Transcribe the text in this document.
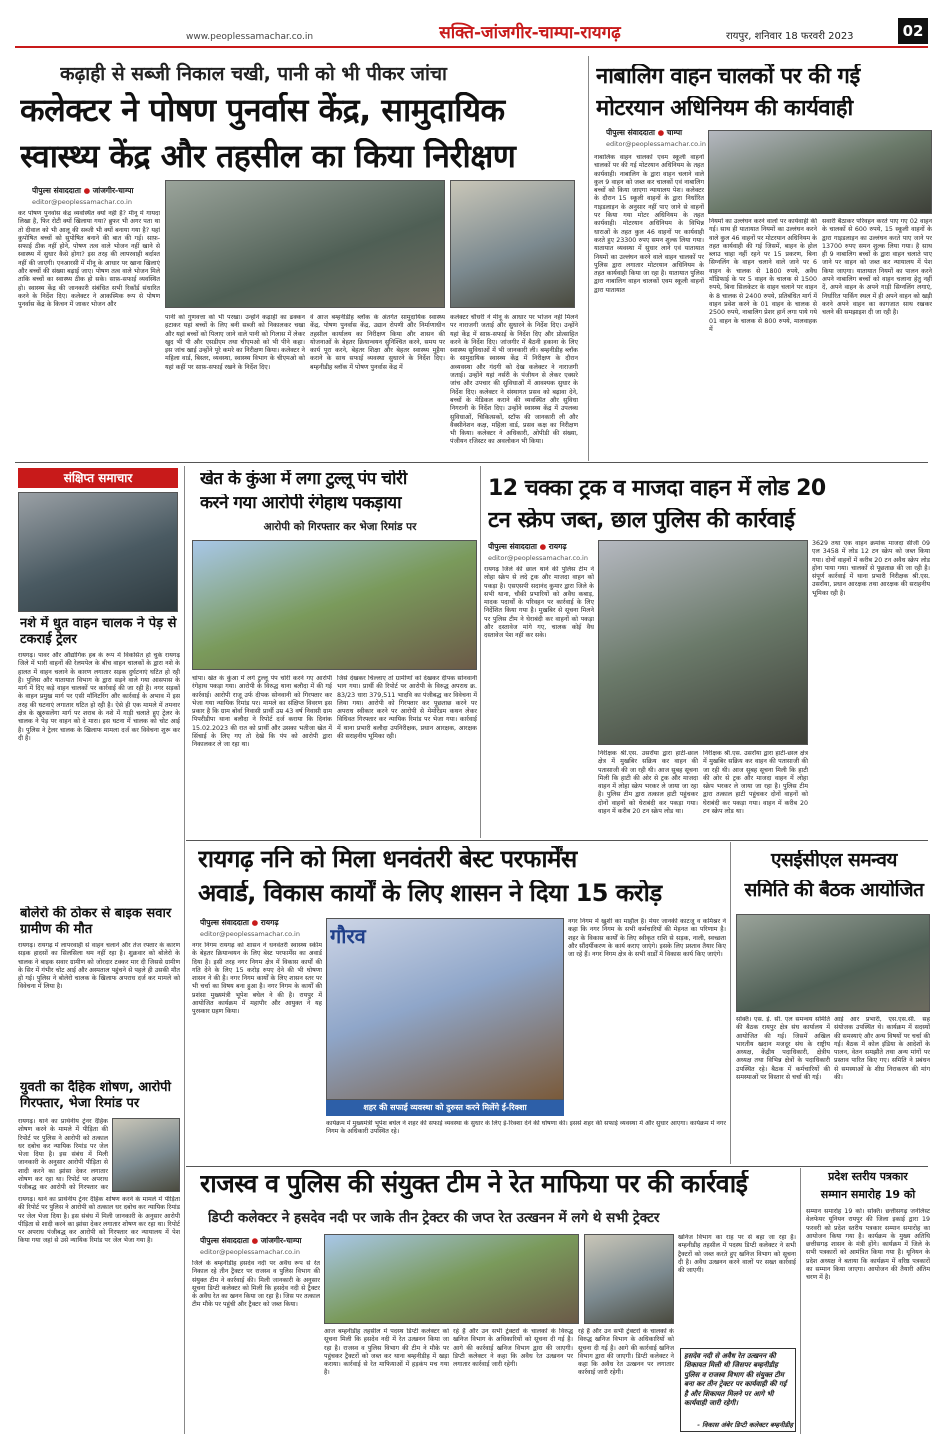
www.peoplessamachar.co.in	सक्ति-जांजगीर-चाम्पा-रायगढ़	रायपुर, शनिवार 18 फरवरी 2023	02
कढ़ाही से सब्जी निकाल चखी, पानी को भी पीकर जांचा
कलेक्टर ने पोषण पुनर्वास केंद्र, सामुदायिक
स्वास्थ्य केंद्र और तहसील का किया निरीक्षण
पीपुल्स संवाददाता ● जांजगीर-चाम्पा
editor@peoplessamachar.co.in
कर पोषण पुनर्वास केंद्र व्यवस्थित क्यों नहीं है? मीनू में गायदा लिखा है, फिर रोटी क्यों खिलाया गया? ब्रुफर भी अगर पता था तो दीवाल को भी आलू की सब्जी भी क्यों बनाया गया है? यहां कुपोषित बच्चों को सुपोषित बनाने की बात की गई। साफ़-सफाई ठीक नहीं होने, पोषण तत्व वाले भोजन नहीं खाने से स्वास्थ्य में सुधार कैसे होगा? इस तरह की लापरवाही बर्दाश्त नहीं की जाएगी। एनआरसी में मीनू के आधार पर खाना खिलाएं और बच्चों की संख्या बढ़ाई जाए। पोषण तत्व वाले भोजन मिले ताकि बच्चों का स्वास्थ्य ठीक हो सके। साफ़-सफाई व्यवस्थित हो। स्वास्थ्य केंद्र की जानकारी संबंधित सभी रिकॉर्ड संधारित करने के निर्देश दिए। कलेक्टर ने आकस्मिक रूप से पोषण पुनर्वास केंद्र के किचन में जाकर भोजन और
पानी को गुणवत्ता को भी परखा। उन्होंने कढ़ाही का ढक्कन हटाकर यहां बच्चों के लिए बनी सब्जी को निकालकर चखा और यहां बच्चों को पिलाए जाने वाले पानी को गिलास में लेकर खुद भी पी और एसडीएम तथा चीएमओ को भी पीने कहा। इस जांच खाई उन्होंने पूरे कमरे का निरीक्षण किया। कलेक्टर ने महिला वार्ड, बिस्तर, व्यवस्था, स्वास्थ्य विभाग के चीएमओ को यहां कहीं पर साफ़-सफाई रखने के निर्देश दिए।
वे आज बम्हनीडीह ब्लॉक के अंतर्गत सामुदायिक स्वास्थ्य केंद्र, पोषण पुनर्वास केंद्र, उद्यान रोपणी और निर्माणाधीन तहसील कार्यालय का निरीक्षण किया और शासन की योजनाओं के बेहतर क्रियान्वयन सुनिश्चित करने, समय पर कार्य पूरा करने, बेहतर शिक्षा और बेहतर स्वास्थ्य मुहैया कराने के साथ सफाई व्यवस्था सुधारने के निर्देश दिए। बम्हनीडीह ब्लॉक में पोषण पुनर्वास केंद्र में
कलेक्टर चौधरी ने मीनू के आधार पर भोजन नहीं मिलने पर नाराजगी जताई और सुधारने के निर्देश दिए। उन्होंने यहां केंद्र में साफ़-सफाई के निर्देश दिए और प्रोत्साहित करने के निर्देश दिए। जांजगीर में बैठनी हकाना के लिए स्वास्थ्य सुविधाओं में भी जानकारी ली। बम्हनीडीह ब्लॉक के सामुदायिक स्वास्थ्य केंद्र में निरीक्षण के दौरान अव्यवस्था और गंदगी को देख कलेक्टर ने नाराजगी जताई। उन्होंने यहां नर्सरी के पंजीयन से लेकर एक्सरे जांच और उपचार की सुविधाओं में आवश्यक सुधार के निर्देश दिए। कलेक्टर ने संस्थागत प्रसव को बढ़ावा देने, बच्चों के मेडिकल कराने की व्यवस्थित और सुविधा निगरानी के निर्देश दिए। उन्होंने स्वास्थ्य केंद्र में उपलब्ध सुविधाओं, चिकित्सकों, स्टॉफ की जानकारी ली और वैक्सीनेशन कक्ष, महिला वार्ड, प्रसव कक्ष का निरीक्षण भी किया। कलेक्टर ने अधिकारी, ओपीडी की संख्या, पंजीयन रजिस्टर का अवलोकन भी किया।
नाबालिग वाहन चालकों पर की गई
मोटरयान अधिनियम की कार्यवाही
पीपुल्स संवाददाता ● चाम्पा
editor@peoplessamachar.co.in
नाबालिक वाहन चालकों एवम स्कूली वाहनों चालकों पर की गई मोटरयान अधिनियम के तहत कार्यवाही। नाबालिग के द्वारा वाहन चलाने वाले कुल 9 वाहन को जब्त कर चालकों एवं नाबालिग बच्चों को किया जाएगा न्यायालय पेश। कलेक्टर के दौरान 15 स्कूली वाहनों के द्वारा निर्धारित गाइडलाइन के अनुसार नहीं पाए जाने से वाहनों पर किया गया मोटर अधिनियम के तहत कार्यवाही। मोटरयान अधिनियम के विभिन्न धाराओं के तहत कुल 46 वाहनों पर कार्यवाही करते हुए 23300 रुपए समन शुल्क लिया गया। यातायात व्यवस्था में सुधार लाने एवं यातायात नियमों का उल्लंघन करने वाले वाहन चालकों पर पुलिस द्वारा लगातार मोटरयान अधिनियम के तहत कार्यवाही किया जा रहा है। यातायात पुलिस द्वारा नाबालिग वाहन चालकों एवम स्कूली वाहनों द्वारा यातायात
नियमों का उल्लंघन करने वालों पर कार्यवाही की गई। साथ ही यातायात नियमों का उल्लंघन करने वाले कुल 46 वाहनों पर मोटरयान अधिनियम के तहत कार्यवाही की गई जिसमें, बाहन के होल ब्लाउ चाहा नहीं रहने पर 15 प्रकरण, बिना सिग्नलिंग के वाहन चलाने वाले जाने पर 6 वाहन के चालक से 1800 रुपये, अवैध मॉडिफाई के पर 5 वाहन के चालक से 1500 रुपये, बिना सिलकेटर के वाहन चलाने पर वाहन के 8 चालक से 2400 रुपये, प्रतिबंधित मार्ग में वाहन प्रवेश करने के 01 वाहन के चालक से 2500 रुपये, नाबालिग प्रेशर हार्न लगा पाये गये 01 वाहन के चालक से 800 रुपये, मालवाहक में
सवारी बैठाकर परिवहन करते पाए गए 02 वाहन के चालकों से 600 रुपये, 15 स्कूली वाहनों के द्वारा गाइडलाइन का उल्लंघन करते पाए जाने पर 13700 रुपए समन शुल्क लिया गया। है साथ ही 9 नाबालिग बच्चों के द्वारा वाहन चलाते पाए जाने पर वाहन को जब्त कर न्यायालय में पेश किया जाएगा। यातायात नियमों का पालन करने अपने नाबालिग बच्चों को वाहन चलाना हेतु नहीं दें, अपने वाहन के अपने गाड़ी सिग्नलिंग लगाएं, निर्धारित पार्किंग स्थल में ही अपने वाहन को खड़ी करने अपने वाहन का कागजात साथ रखकर चलने की समझाइश दी जा रही है।
संक्षिप्त समाचार
नशे में धुत वाहन चालक ने पेड़ से टकराई ट्रेलर
रायगढ़। पावर और औद्योगिक हब के रूप में विकसित हो चुके रायगढ़ जिले में भारी वाहनों की रेलमपेल के बीच वाहन चालकों के द्वारा नशे के हालत में वाहन चलाने के कारण लगातार सड़क दुर्घटनाएं घटित हो रही है। पुलिस और यातायात विभाग के द्वारा सड़ने वाले गया आसपास के मार्ग में दिए कड़े वाहन चालकों पर कार्रवाई की जा रही है। नगर सड़कों के वाहन प्रमुख मार्ग पर एसी मॉनिटरिंग और कार्रवाई के अभाव में इस तरह की घटनाएं लगातार घटित हो रही है। ऐसे ही एक मामले में तमनार क्षेत्र के खुरुसलेंगा मार्ग पर शराब के नशे में गाड़ी चलाते हुए ट्रेलर के चालक ने पेड़ पर वाहन को दे मारा। इस घटना में चालक को चोट आई है। पुलिस ने ट्रेलर चालक के खिलाफ मामला दर्ज कर विवेचना शुरू कर दी है।
बोलेरो की ठोकर से बाइक सवार ग्रामीण की मौत
रायगढ़। रायगढ़ में लापरवाही से वाहन चलाने और तेज रफ्तार के कारण सड़क हादसों का सिलसिला थम नहीं रहा है। शुक्रवार को बोलेरो के चालक ने बाइक सवार ग्रामीण को जोरदार टक्कर मार दी जिससे ग्रामीण के सिर में गंभीर चोट आई और अस्पताल पहुंचने से पहले ही उसकी मौत हो गई। पुलिस ने बोलेरो चालक के खिलाफ अपराध दर्ज कर मामले को विवेचना में लिया है।
युवती का दैहिक शोषण, आरोपी गिरफ्तार, भेजा रिमांड पर
रायगढ़। थाने का प्रार्थनीय ट्रेनर दैहिक शोषण करने के मामले में पीड़िता की रिपोर्ट पर पुलिस ने आरोपी को तत्काल धर दबोच कर न्यायिक रिमांड पर जेल भेजा दिया है। इस संबंध में मिली जानकारी के अनुसार आरोपी पीड़िता से शादी करने का झांसा देकर लगातार शोषण कर रहा था। रिपोर्ट पर अपराध पंजीबद्ध कर आरोपी को गिरफ्तार कर
रायगढ़। थाने का प्रार्थनीय ट्रेनर दैहिक शोषण करने के मामले में पीड़िता की रिपोर्ट पर पुलिस ने आरोपी को तत्काल धर दबोच कर न्यायिक रिमांड पर जेल भेजा दिया है। इस संबंध में मिली जानकारी के अनुसार आरोपी पीड़िता से शादी करने का झांसा देकर लगातार शोषण कर रहा था। रिपोर्ट पर अपराध पंजीबद्ध कर आरोपी को गिरफ्तार कर न्यायालय में पेश किया गया जहां से उसे न्यायिक रिमांड पर जेल भेजा गया है।
खेत के कुंआ में लगा टुल्लू पंप चोरी
करने गया आरोपी रंगेहाथ पकड़ाया
आरोपी को गिरफ्तार कर भेजा रिमांड पर
चांपा। खेत के कुंआ में लगे टुल्लू पंप चोरी करने गए आरोपी रंगेहाथ पकड़ा गया। आरोपी के विरुद्ध थाना बलौदा में की गई कार्रवाई। आरोपी राजू उर्फ दीपक सोनवानी को गिरफ्तार कर भेजा गया न्यायिक रिमांड पर। मामले का संक्षिप्त विवरण इस प्रकार है कि ग्राम बोर्वा निवासी प्रार्थी उम्र 43 वर्ष निवासी ग्राम पिपरीडीपा थाना बलौदा ने रिपोर्ट दर्ज कराया कि दिनांक 15.02.2023 की रात को प्रार्थी और उसका भतीजा खेत में सिंचाई के लिए गए तो देखे कि पंप को आरोपी द्वारा निकालकर ले जा रहा था।
जिसे देखकर चिल्लाए तो ग्रामीणों को देखकर दीपक सोनवानी भाग गया। प्रार्थी की रिपोर्ट पर आरोपी के विरुद्ध अपराध क्र. 83/23 धारा 379,511 भादवि का पंजीबद्ध कर विवेचना में लिया गया। आरोपी को गिरफ्तार कर पूछताछ करने पर अपराध स्वीकार करने पर आरोपी से मेमोरेंडम कथन लेकर विधिवत गिरफ्तार कर न्यायिक रिमांड पर भेजा गया। कार्रवाई में थाना प्रभारी बलौदा उपनिरीक्षक, प्रधान आरक्षक, आरक्षक की सराहनीय भूमिका रही।
12 चक्का ट्रक व माजदा वाहन में लोड 20
टन स्क्रेप जब्त, छाल पुलिस की कार्रवाई
पीपुल्स संवाददाता ● रायगढ़
editor@peoplessamachar.co.in
रायगढ़ जिले की छाल थाने की पुलिस टीम ने लोहा स्क्रेप से लदे ट्रक और माजदा वाहन को पकड़ा है। एसएसपी सदानंद कुमार द्वारा जिले के सभी थाना, चौकी प्रभारियों को अवैध कबाड़, मादक पदार्थों के परिवहन पर कार्रवाई के लिए निर्देशित किया गया है। मुखबिर से सूचना मिलने पर पुलिस टीम ने घेराबंदी कर वाहनों को पकड़ा और दस्तावेज मांगे गए, चालक कोई वैध दस्तावेज पेश नहीं कर सके।
निरीक्षक श्री.एस. उसराँया द्वारा हाटी-छाल क्षेत्र में मुखबिर सक्रिय कर वाहन की पतासाजी की जा रही थी। आज सुबह सूचना मिली कि हाटी की ओर से ट्रक और माजदा वाहन में लोहा स्क्रेप भरकर ले जाया जा रहा है। पुलिस टीम द्वारा तत्काल हाटी पहुंचकर दोनों वाहनों को घेराबंदी कर पकड़ा गया। वाहन में करीब 20 टन स्क्रेप लोड था।
निरीक्षक श्री.एस. उसराँया द्वारा हाटी-छाल क्षेत्र में मुखबिर सक्रिय कर वाहन की पतासाजी की जा रही थी। आज सुबह सूचना मिली कि हाटी की ओर से ट्रक और माजदा वाहन में लोहा स्क्रेप भरकर ले जाया जा रहा है। पुलिस टीम द्वारा तत्काल हाटी पहुंचकर दोनों वाहनों को घेराबंदी कर पकड़ा गया। वाहन में करीब 20 टन स्क्रेप लोड था।
3629 तथा एक वाहन क्रमांक माजदा सीजी 09 एल 3458 में लोड 12 टन स्क्रेप को जब्त किया गया। दोनों वाहनों में करीब 20 टन अवैध स्क्रेप लोड होना पाया गया। चालकों से पूछताछ की जा रही है। संपूर्ण कार्रवाई में थाना प्रभारी निरीक्षक श्री.एस. उसराँया, प्रधान आरक्षक तथा आरक्षक की सराहनीय भूमिका रही है।
रायगढ़ ननि को मिला धनवंतरी बेस्ट परफार्मेंस
अवार्ड, विकास कार्यों के लिए शासन ने दिया 15 करोड़
पीपुल्स संवाददाता ● रायगढ़
editor@peoplessamachar.co.in
नगर निगम रायगढ़ को शासन ने धनवंतरी स्वास्थ्य स्कीम के बेहतर क्रियान्वयन के लिए बेस्ट परफार्मेंस का अवार्ड दिया है। इसी तरह नगर निगम क्षेत्र में विकास कार्यों की गति देने के लिए 15 करोड़ रुपए देने की भी घोषणा शासन ने की है। नगर निगम कार्यों के लिए शासन स्तर पर भी चर्चा का विषय बना हुआ है। नगर निगम के कार्यों की प्रशंसा मुख्यमंत्री भूपेश बघेल ने की है। रायपुर में आयोजित कार्यक्रम में महापौर और आयुक्त ने यह पुरस्कार ग्रहण किया।
गौरव
शहर की सफाई व्यवस्था को दुरुस्त करने मिलेंगे ई-रिक्शा
कार्यक्रम में मुख्यमंत्री भूपेश बघेल ने शहर की सफाई व्यवस्था के सुधार के लिए ई-रिक्शा देने की घोषणा की। इससे शहर की सफाई व्यवस्था में और सुधार आएगा। कार्यक्रम में नगर निगम के अधिकारी उपस्थित रहे।
नगर निगम में खुशी का माहौल है। मेयर जानकी काटजू व कमिश्नर ने कहा कि नगर निगम के सभी कर्मचारियों की मेहनत का परिणाम है। शहर के विकास कार्यों के लिए स्वीकृत राशि से सड़क, नाली, स्वच्छता और सौंदर्यीकरण के कार्य कराए जाएंगे। इसके लिए प्रस्ताव तैयार किए जा रहे हैं। नगर निगम क्षेत्र के सभी वार्डों में विकास कार्य किए जाएंगे।
एसईसीएल समन्वय
समिति की बैठक आयोजित
सक्ति। एस. ई. सी. एल समन्वय समिति की बैठक रायपुर क्षेत्र संघ कार्यालय में आयोजित की गई। जिसमें अखिल भारतीय खदान मजदूर संघ के राष्ट्रीय अध्यक्ष, केंद्रीय पदाधिकारी, क्षेत्रीय अध्यक्ष तथा विभिन्न क्षेत्रों के पदाधिकारी उपस्थित रहे। बैठक में कर्मचारियों की समस्याओं पर विस्तार से चर्चा की गई।
आई आर प्रभारी, एस.एस.सी. सह संयोजक उपस्थित थे। कार्यक्रम में सदस्यों की समस्याएं और अन्य विषयों पर चर्चा की गई। बैठक में कोल इंडिया के आदेशों के पालन, वेतन समझौते तथा अन्य मांगों पर प्रस्ताव पारित किए गए। समिति ने प्रबंधन से समस्याओं के शीघ्र निराकरण की मांग की।
राजस्व व पुलिस की संयुक्त टीम ने रेत माफिया पर की कार्रवाई
डिप्टी कलेक्टर ने हसदेव नदी पर जाके तीन ट्रेक्टर की जप्त रेत उत्खनन में लगे थे सभी ट्रेक्टर
पीपुल्स संवाददाता ● जांजगीर-चाम्पा
editor@peoplessamachar.co.in
जिले के बम्हनीडीह हसदेव नदी पर अवैध रूप से रेत निकाल रहे तीन ट्रैक्टर पर राजस्व व पुलिस विभाग की संयुक्त टीम ने कार्रवाई की। मिली जानकारी के अनुसार सूचना डिप्टी कलेक्टर को मिली कि हसदेव नदी से ट्रैक्टर के अवैध रेत का खनन किया जा रहा है। जिस पर तत्काल टीम मौके पर पहुंची और ट्रैक्टर को जब्त किया।
आज बम्हनीडीह तहसील में पदस्थ डिप्टी कलेक्टर को सूचना मिली कि हसदेव नदी में रेत उत्खनन किया जा रहा है। राजस्व व पुलिस विभाग की टीम ने मौके पर पहुंचकर ट्रैक्टरों को जब्त कर थाना बम्हनीडीह में खड़ा कराया। कार्रवाई से रेत माफियाओं में हड़कंप मच गया है।
रहे हैं और उन सभी ट्रेक्टरों के चालकों के विरुद्ध खनिज विभाग के अधिकारियों को सूचना दी गई है। आगे की कार्रवाई खनिज विभाग द्वारा की जाएगी। डिप्टी कलेक्टर ने कहा कि अवैध रेत उत्खनन पर लगातार कार्रवाई जारी रहेगी।
रहे हैं और उन सभी ट्रेक्टरों के चालकों के विरुद्ध खनिज विभाग के अधिकारियों को सूचना दी गई है। आगे की कार्रवाई खनिज विभाग द्वारा की जाएगी। डिप्टी कलेक्टर ने कहा कि अवैध रेत उत्खनन पर लगातार कार्रवाई जारी रहेगी।
खनिज विभाग का राह पर से बहा जा रहा है। बम्हनीडीह तहसील में पदस्थ डिप्टी कलेक्टर ने सभी ट्रैक्टरों को जब्त करते हुए खनिज विभाग को सूचना दी है। अवैध उत्खनन करने वालों पर सख्त कार्रवाई की जाएगी।
हसदेव नदी से अवैध रेत उत्खनन की शिकायत मिली थी जिसपर बम्हनीडीह पुलिस व राजस्व विभाग की संयुक्त टीम बना कर तीन ट्रेक्टर पर कार्यवाही की गई है और शिकायत मिलने पर आगे भी कार्यवाही जारी रहेगी।
- विकास अंबेर डिप्टी कलेक्टर बम्हनीडीह
प्रदेश स्तरीय पत्रकार
सम्मान समारोह 19 को
सम्मान समारोह 19 को। सक्ति। छत्तीसगढ़ जर्नलिस्ट वेलफेयर यूनियन रायपुर की जिला इकाई द्वारा 19 फरवरी को प्रदेश स्तरीय पत्रकार सम्मान समारोह का आयोजन किया गया है। कार्यक्रम के मुख्य अतिथि छत्तीसगढ़ शासन के मंत्री होंगे। कार्यक्रम में जिले के सभी पत्रकारों को आमंत्रित किया गया है। यूनियन के प्रदेश अध्यक्ष ने बताया कि कार्यक्रम में वरिष्ठ पत्रकारों का सम्मान किया जाएगा। आयोजन की तैयारी अंतिम चरण में है।
